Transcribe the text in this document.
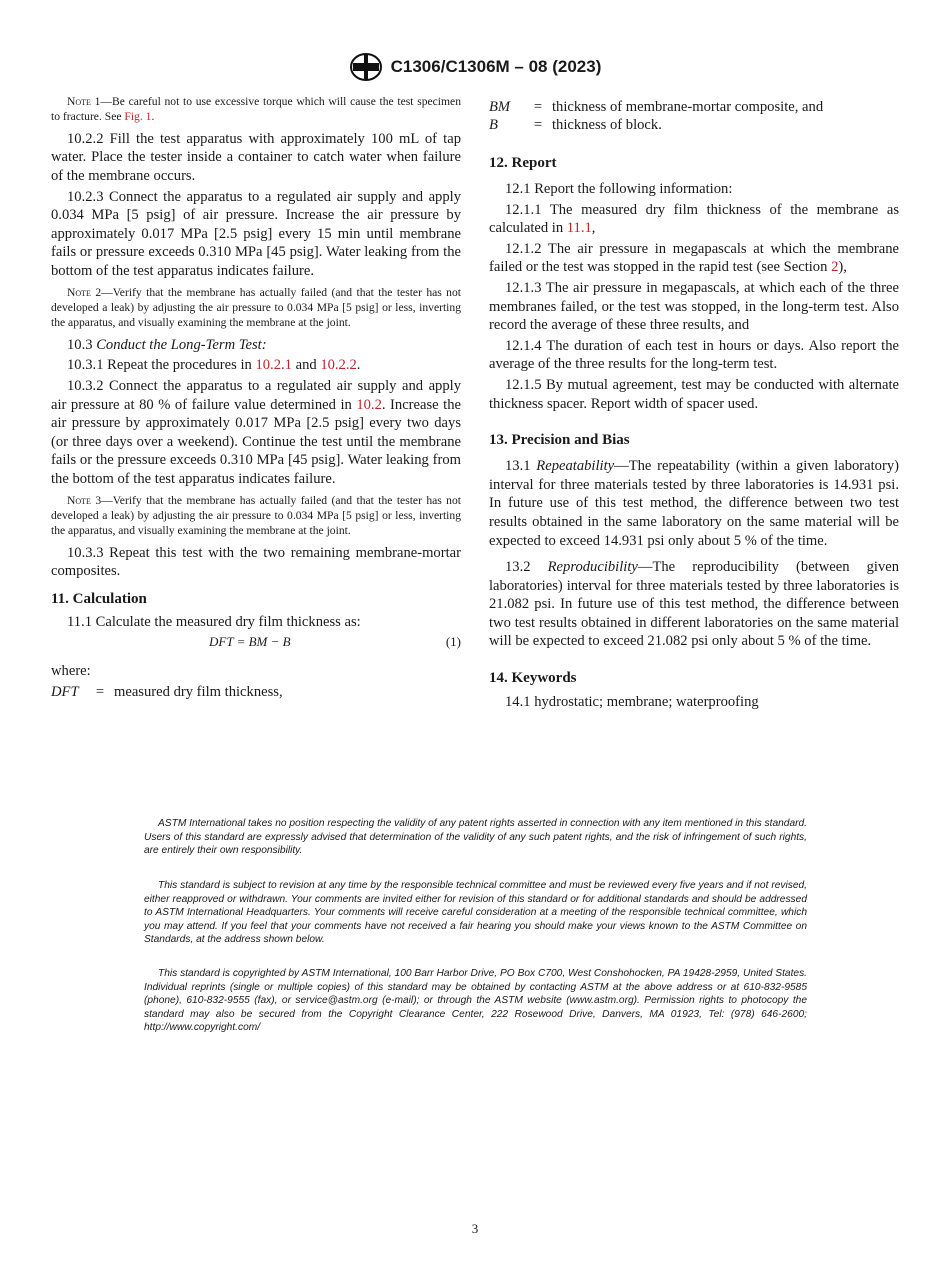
C1306/C1306M – 08 (2023)

Note 1—Be careful not to use excessive torque which will cause the test specimen to fracture. See Fig. 1.

10.2.2 Fill the test apparatus with approximately 100 mL of tap water. Place the tester inside a container to catch water when failure of the membrane occurs.

10.2.3 Connect the apparatus to a regulated air supply and apply 0.034 MPa [5 psig] of air pressure. Increase the air pressure by approximately 0.017 MPa [2.5 psig] every 15 min until membrane fails or pressure exceeds 0.310 MPa [45 psig]. Water leaking from the bottom of the test apparatus indicates failure.

Note 2—Verify that the membrane has actually failed (and that the tester has not developed a leak) by adjusting the air pressure to 0.034 MPa [5 psig] or less, inverting the apparatus, and visually examining the membrane at the joint.

10.3 Conduct the Long-Term Test:

10.3.1 Repeat the procedures in 10.2.1 and 10.2.2.

10.3.2 Connect the apparatus to a regulated air supply and apply air pressure at 80 % of failure value determined in 10.2. Increase the air pressure by approximately 0.017 MPa [2.5 psig] every two days (or three days over a weekend). Continue the test until the membrane fails or the pressure exceeds 0.310 MPa [45 psig]. Water leaking from the bottom of the test apparatus indicates failure.

Note 3—Verify that the membrane has actually failed (and that the tester has not developed a leak) by adjusting the air pressure to 0.034 MPa [5 psig] or less, inverting the apparatus, and visually examining the membrane at the joint.

10.3.3 Repeat this test with the two remaining membrane-mortar composites.

11. Calculation

11.1 Calculate the measured dry film thickness as:

DFT = BM − B	(1)

where:

DFT	= measured dry film thickness,
BM	= thickness of membrane-mortar composite, and
B	= thickness of block.

12. Report

12.1 Report the following information:

12.1.1 The measured dry film thickness of the membrane as calculated in 11.1,

12.1.2 The air pressure in megapascals at which the membrane failed or the test was stopped in the rapid test (see Section 2),

12.1.3 The air pressure in megapascals, at which each of the three membranes failed, or the test was stopped, in the long-term test. Also record the average of these three results, and

12.1.4 The duration of each test in hours or days. Also report the average of the three results for the long-term test.

12.1.5 By mutual agreement, test may be conducted with alternate thickness spacer. Report width of spacer used.

13. Precision and Bias

13.1 Repeatability—The repeatability (within a given laboratory) interval for three materials tested by three laboratories is 14.931 psi. In future use of this test method, the difference between two test results obtained in the same laboratory on the same material will be expected to exceed 14.931 psi only about 5 % of the time.

13.2 Reproducibility—The reproducibility (between given laboratories) interval for three materials tested by three laboratories is 21.082 psi. In future use of this test method, the difference between two test results obtained in different laboratories on the same material will be expected to exceed 21.082 psi only about 5 % of the time.

14. Keywords

14.1 hydrostatic; membrane; waterproofing

ASTM International takes no position respecting the validity of any patent rights asserted in connection with any item mentioned in this standard. Users of this standard are expressly advised that determination of the validity of any such patent rights, and the risk of infringement of such rights, are entirely their own responsibility.

This standard is subject to revision at any time by the responsible technical committee and must be reviewed every five years and if not revised, either reapproved or withdrawn. Your comments are invited either for revision of this standard or for additional standards and should be addressed to ASTM International Headquarters. Your comments will receive careful consideration at a meeting of the responsible technical committee, which you may attend. If you feel that your comments have not received a fair hearing you should make your views known to the ASTM Committee on Standards, at the address shown below.

This standard is copyrighted by ASTM International, 100 Barr Harbor Drive, PO Box C700, West Conshohocken, PA 19428-2959, United States. Individual reprints (single or multiple copies) of this standard may be obtained by contacting ASTM at the above address or at 610-832-9585 (phone), 610-832-9555 (fax), or service@astm.org (e-mail); or through the ASTM website (www.astm.org). Permission rights to photocopy the standard may also be secured from the Copyright Clearance Center, 222 Rosewood Drive, Danvers, MA 01923, Tel: (978) 646-2600; http://www.copyright.com/

3
